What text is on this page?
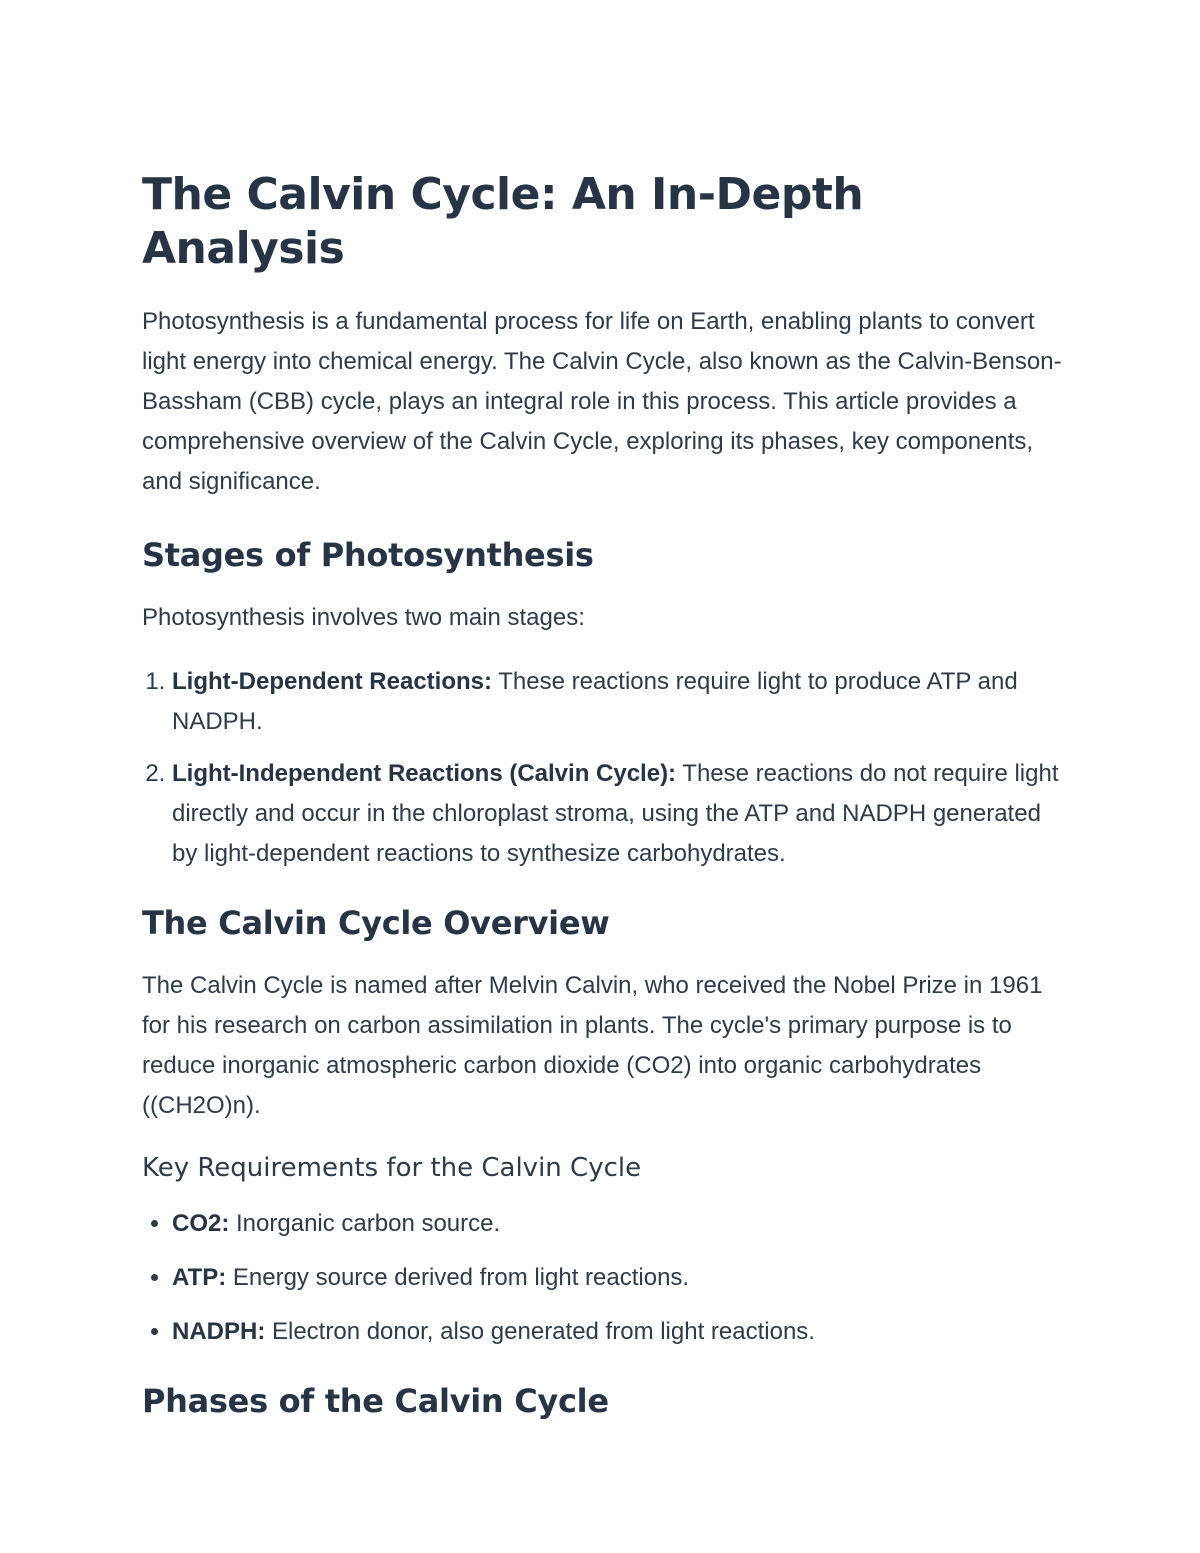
The Calvin Cycle: An In-Depth Analysis

Photosynthesis is a fundamental process for life on Earth, enabling plants to convert light energy into chemical energy. The Calvin Cycle, also known as the Calvin-Benson-Bassham (CBB) cycle, plays an integral role in this process. This article provides a comprehensive overview of the Calvin Cycle, exploring its phases, key components, and significance.

Stages of Photosynthesis

Photosynthesis involves two main stages:

1. Light-Dependent Reactions: These reactions require light to produce ATP and NADPH.
2. Light-Independent Reactions (Calvin Cycle): These reactions do not require light directly and occur in the chloroplast stroma, using the ATP and NADPH generated by light-dependent reactions to synthesize carbohydrates.
The Calvin Cycle Overview

The Calvin Cycle is named after Melvin Calvin, who received the Nobel Prize in 1961 for his research on carbon assimilation in plants. The cycle's primary purpose is to reduce inorganic atmospheric carbon dioxide (CO2) into organic carbohydrates ((CH2O)n).

Key Requirements for the Calvin Cycle
• CO2: Inorganic carbon source.
• ATP: Energy source derived from light reactions.
• NADPH: Electron donor, also generated from light reactions.
Phases of the Calvin Cycle
